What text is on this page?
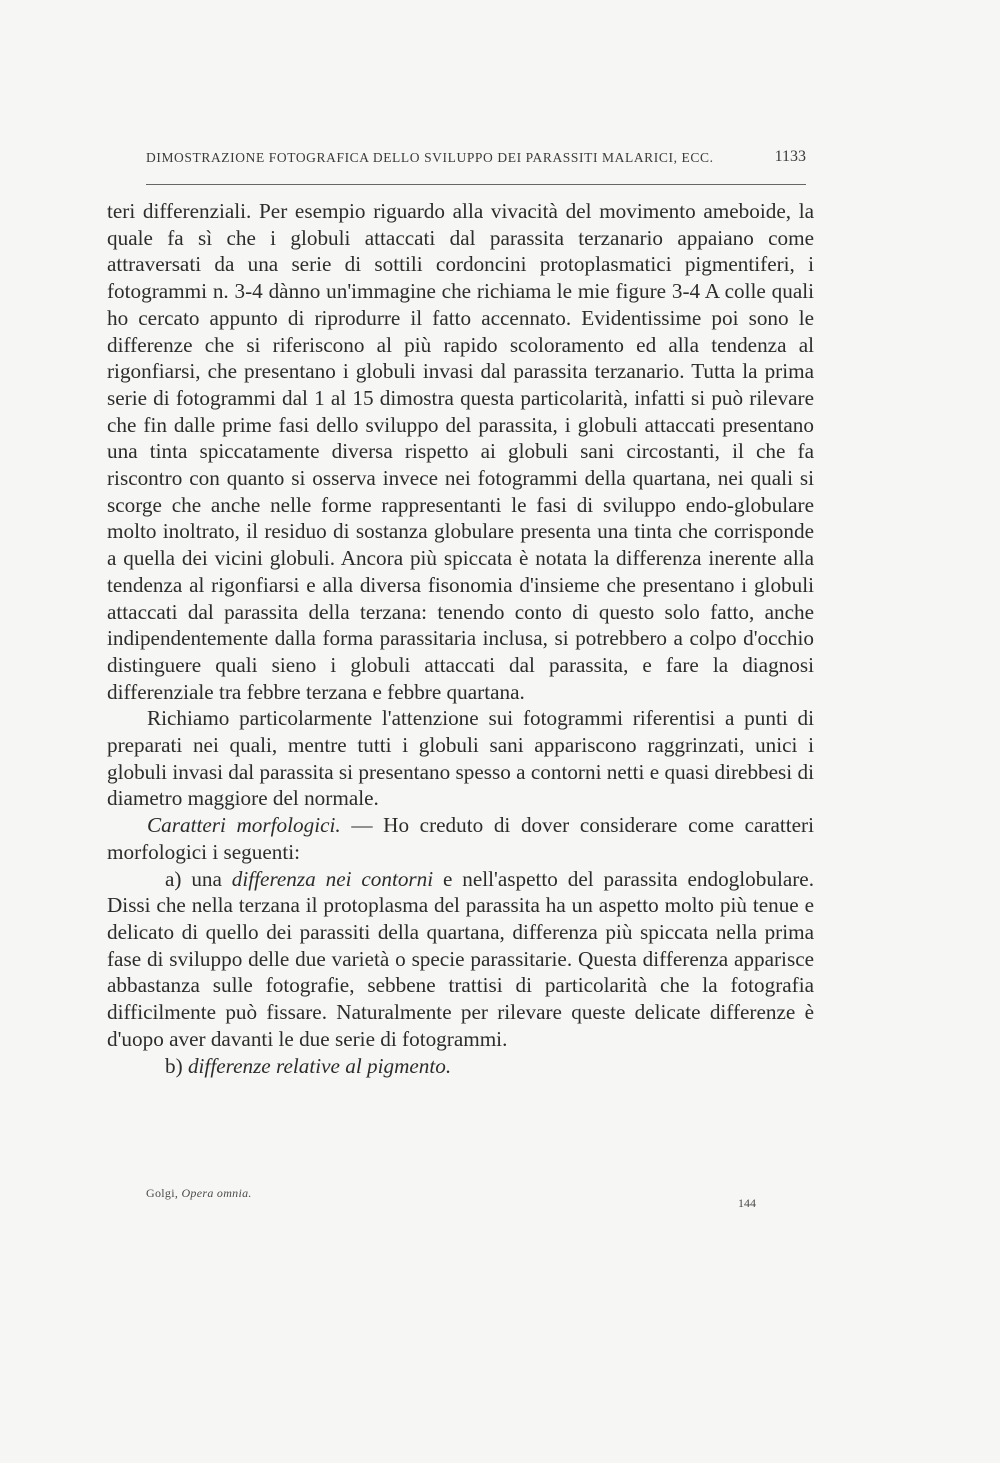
DIMOSTRAZIONE FOTOGRAFICA DELLO SVILUPPO DEI PARASSITI MALARICI, ECC.	1133

teri differenziali. Per esempio riguardo alla vivacità del movimento ameboide, la quale fa sì che i globuli attaccati dal parassita terzanario appaiano come attraversati da una serie di sottili cordoncini protoplasmatici pigmentiferi, i fotogrammi n. 3-4 dànno un'immagine che richiama le mie figure 3-4 A colle quali ho cercato appunto di riprodurre il fatto accennato. Evidentissime poi sono le differenze che si riferiscono al più rapido scoloramento ed alla tendenza al rigonfiarsi, che presentano i globuli invasi dal parassita terzanario. Tutta la prima serie di fotogrammi dal 1 al 15 dimostra questa particolarità, infatti si può rilevare che fin dalle prime fasi dello sviluppo del parassita, i globuli attaccati presentano una tinta spiccatamente diversa rispetto ai globuli sani circostanti, il che fa riscontro con quanto si osserva invece nei fotogrammi della quartana, nei quali si scorge che anche nelle forme rappresentanti le fasi di sviluppo endo-globulare molto inoltrato, il residuo di sostanza globulare presenta una tinta che corrisponde a quella dei vicini globuli. Ancora più spiccata è notata la differenza inerente alla tendenza al rigonfiarsi e alla diversa fisonomia d'insieme che presentano i globuli attaccati dal parassita della terzana: tenendo conto di questo solo fatto, anche indipendentemente dalla forma parassitaria inclusa, si potrebbero a colpo d'occhio distinguere quali sieno i globuli attaccati dal parassita, e fare la diagnosi differenziale tra febbre terzana e febbre quartana.

Richiamo particolarmente l'attenzione sui fotogrammi riferentisi a punti di preparati nei quali, mentre tutti i globuli sani appariscono raggrinzati, unici i globuli invasi dal parassita si presentano spesso a contorni netti e quasi direbbesi di diametro maggiore del normale.

Caratteri morfologici. — Ho creduto di dover considerare come caratteri morfologici i seguenti:

a) una differenza nei contorni e nell'aspetto del parassita endoglobulare. Dissi che nella terzana il protoplasma del parassita ha un aspetto molto più tenue e delicato di quello dei parassiti della quartana, differenza più spiccata nella prima fase di sviluppo delle due varietà o specie parassitarie. Questa differenza apparisce abbastanza sulle fotografie, sebbene trattisi di particolarità che la fotografia difficilmente può fissare. Naturalmente per rilevare queste delicate differenze è d'uopo aver davanti le due serie di fotogrammi.

b) differenze relative al pigmento.

Golgi, Opera omnia.
144
